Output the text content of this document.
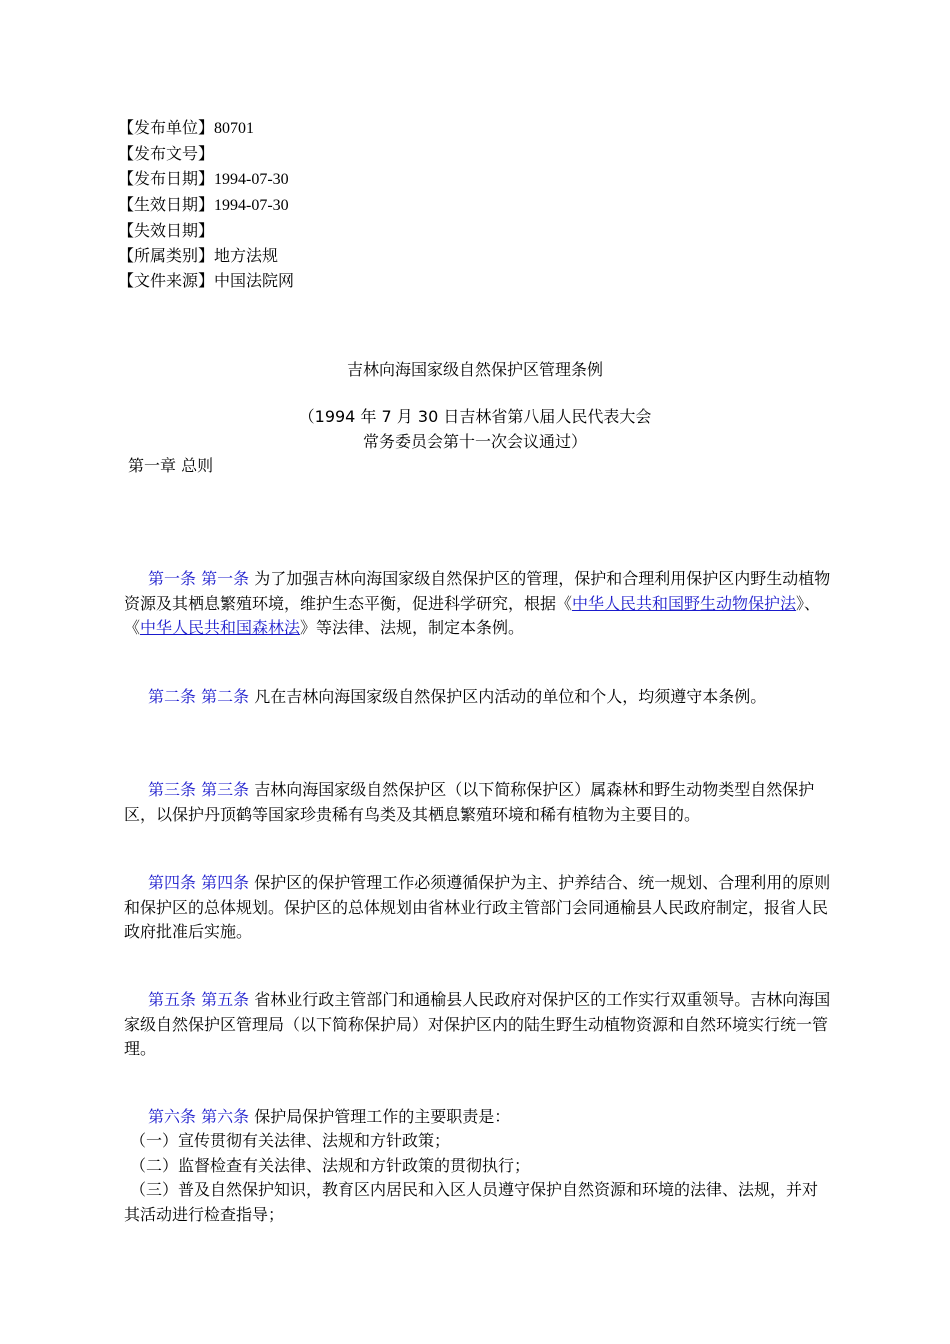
【发布单位】80701
【发布文号】
【发布日期】1994-07-30
【生效日期】1994-07-30
【失效日期】
【所属类别】地方法规
【文件来源】中国法院网
吉林向海国家级自然保护区管理条例
（1994 年 7 月 30 日吉林省第八届人民代表大会
常务委员会第十一次会议通过）
第一章 总则
第一条 第一条 为了加强吉林向海国家级自然保护区的管理，保护和合理利用保护区内野生动植物资源及其栖息繁殖环境，维护生态平衡，促进科学研究，根据《中华人民共和国野生动物保护法》、《中华人民共和国森林法》等法律、法规，制定本条例。
第二条 第二条 凡在吉林向海国家级自然保护区内活动的单位和个人，均须遵守本条例。
第三条 第三条 吉林向海国家级自然保护区（以下简称保护区）属森林和野生动物类型自然保护区，以保护丹顶鹤等国家珍贵稀有鸟类及其栖息繁殖环境和稀有植物为主要目的。
第四条 第四条 保护区的保护管理工作必须遵循保护为主、护养结合、统一规划、合理利用的原则和保护区的总体规划。保护区的总体规划由省林业行政主管部门会同通榆县人民政府制定，报省人民政府批准后实施。
第五条 第五条 省林业行政主管部门和通榆县人民政府对保护区的工作实行双重领导。吉林向海国家级自然保护区管理局（以下简称保护局）对保护区内的陆生野生动植物资源和自然环境实行统一管理。
第六条 第六条 保护局保护管理工作的主要职责是：
（一）宣传贯彻有关法律、法规和方针政策；
（二）监督检查有关法律、法规和方针政策的贯彻执行；
（三）普及自然保护知识，教育区内居民和入区人员遵守保护自然资源和环境的法律、法规，并对其活动进行检查指导；
